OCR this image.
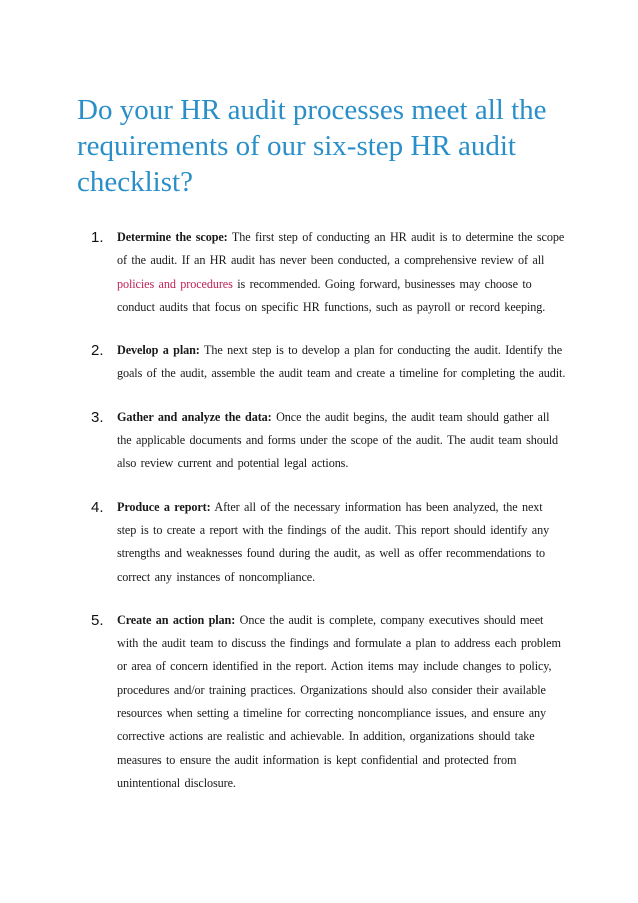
Do your HR audit processes meet all the requirements of our six-step HR audit checklist?
1. Determine the scope: The first step of conducting an HR audit is to determine the scope of the audit. If an HR audit has never been conducted, a comprehensive review of all policies and procedures is recommended. Going forward, businesses may choose to conduct audits that focus on specific HR functions, such as payroll or record keeping.
2. Develop a plan: The next step is to develop a plan for conducting the audit. Identify the goals of the audit, assemble the audit team and create a timeline for completing the audit.
3. Gather and analyze the data: Once the audit begins, the audit team should gather all the applicable documents and forms under the scope of the audit. The audit team should also review current and potential legal actions.
4. Produce a report: After all of the necessary information has been analyzed, the next step is to create a report with the findings of the audit. This report should identify any strengths and weaknesses found during the audit, as well as offer recommendations to correct any instances of noncompliance.
5. Create an action plan: Once the audit is complete, company executives should meet with the audit team to discuss the findings and formulate a plan to address each problem or area of concern identified in the report. Action items may include changes to policy, procedures and/or training practices. Organizations should also consider their available resources when setting a timeline for correcting noncompliance issues, and ensure any corrective actions are realistic and achievable. In addition, organizations should take measures to ensure the audit information is kept confidential and protected from unintentional disclosure.
